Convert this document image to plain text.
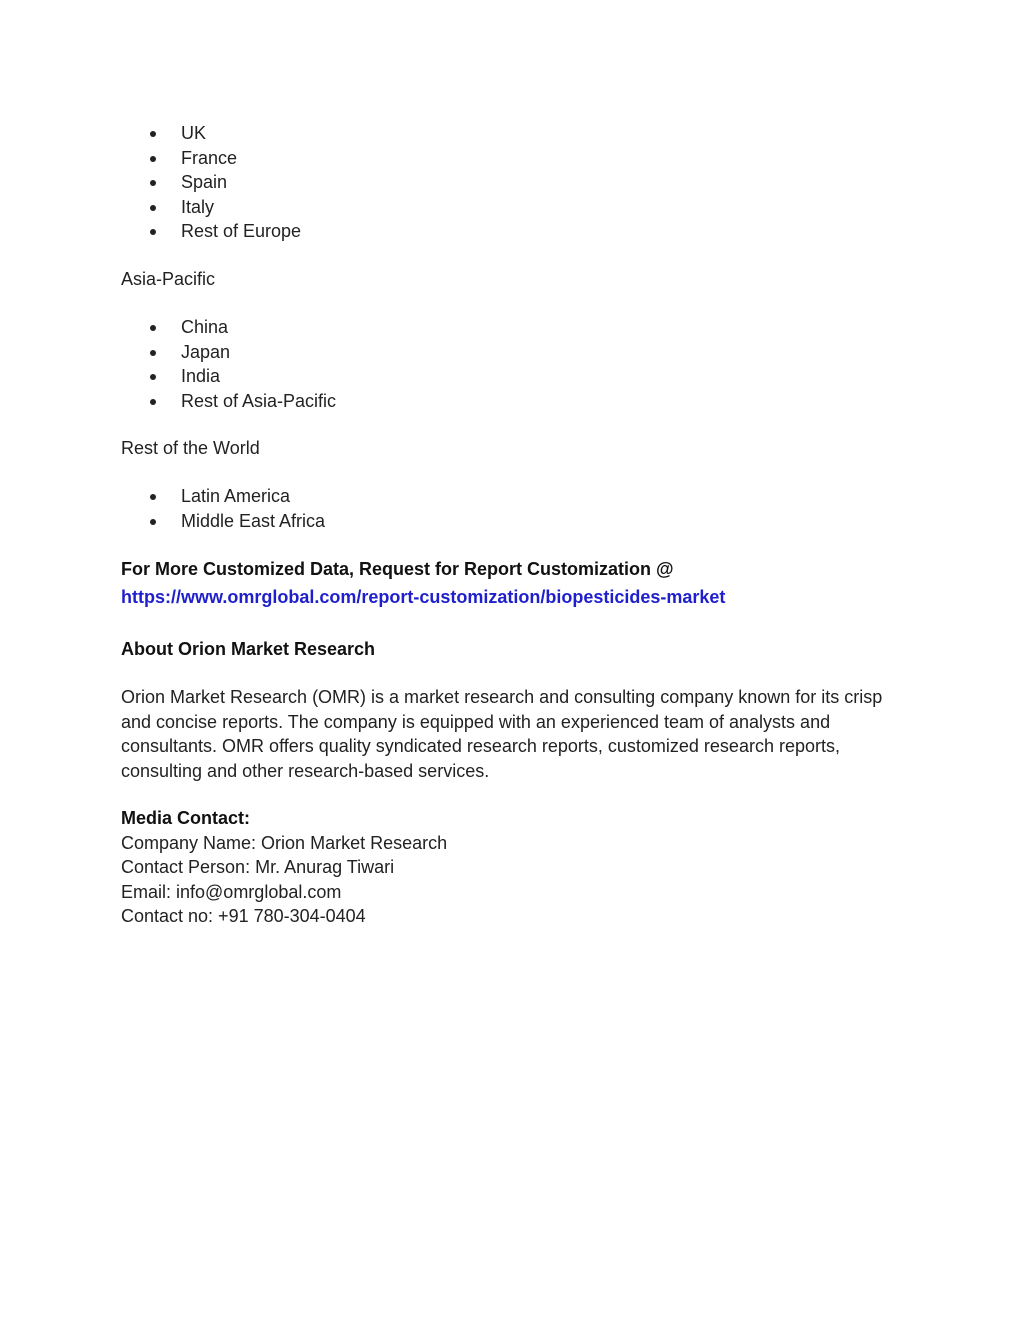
UK
France
Spain
Italy
Rest of Europe
Asia-Pacific
China
Japan
India
Rest of Asia-Pacific
Rest of the World
Latin America
Middle East Africa
For More Customized Data, Request for Report Customization @
https://www.omrglobal.com/report-customization/biopesticides-market
About Orion Market Research
Orion Market Research (OMR) is a market research and consulting company known for its crisp and concise reports. The company is equipped with an experienced team of analysts and consultants. OMR offers quality syndicated research reports, customized research reports, consulting and other research-based services.
Media Contact:
Company Name: Orion Market Research
Contact Person: Mr. Anurag Tiwari
Email: info@omrglobal.com
Contact no: +91 780-304-0404
